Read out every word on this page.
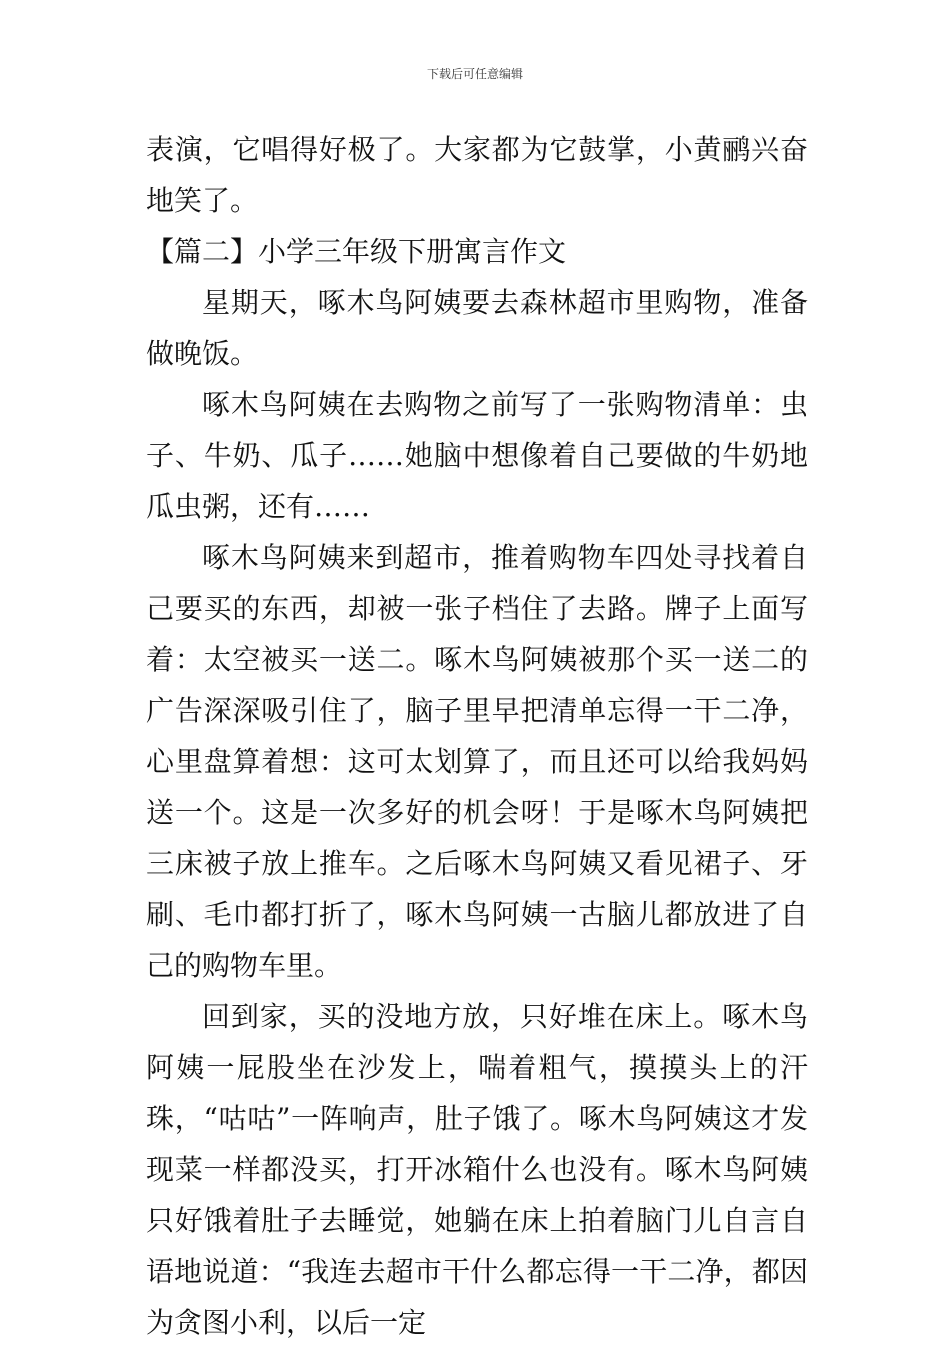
下载后可任意编辑

表演，它唱得好极了。大家都为它鼓掌，小黄鹂兴奋地笑了。

【篇二】小学三年级下册寓言作文

星期天，啄木鸟阿姨要去森林超市里购物，准备做晚饭。

啄木鸟阿姨在去购物之前写了一张购物清单：虫子、牛奶、瓜子……她脑中想像着自己要做的牛奶地瓜虫粥，还有……

啄木鸟阿姨来到超市，推着购物车四处寻找着自己要买的东西，却被一张子档住了去路。牌子上面写着：太空被买一送二。啄木鸟阿姨被那个买一送二的广告深深吸引住了，脑子里早把清单忘得一干二净，心里盘算着想：这可太划算了，而且还可以给我妈妈送一个。这是一次多好的机会呀！于是啄木鸟阿姨把三床被子放上推车。之后啄木鸟阿姨又看见裙子、牙刷、毛巾都打折了，啄木鸟阿姨一古脑儿都放进了自己的购物车里。

回到家，买的没地方放，只好堆在床上。啄木鸟阿姨一屁股坐在沙发上，喘着粗气，摸摸头上的汗珠，“咕咕”一阵响声，肚子饿了。啄木鸟阿姨这才发现菜一样都没买，打开冰箱什么也没有。啄木鸟阿姨只好饿着肚子去睡觉，她躺在床上拍着脑门儿自言自语地说道：“我连去超市干什么都忘得一干二净，都因为贪图小利，以后一定
